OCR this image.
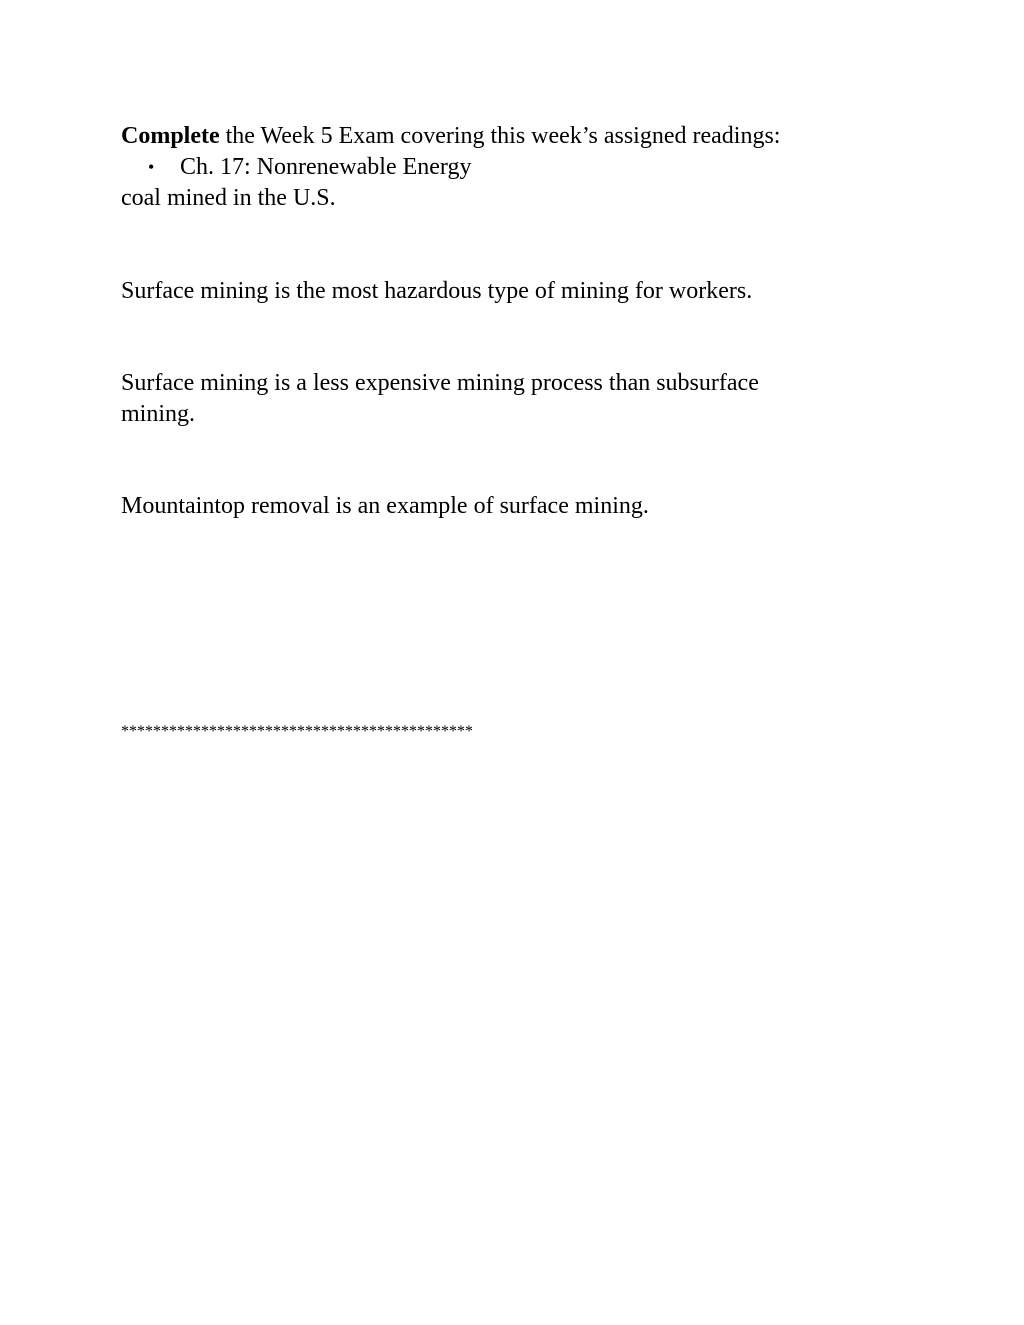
Complete the Week 5 Exam covering this week’s assigned readings:

• Ch. 17: Nonrenewable Energy

coal mined in the U.S.

Surface mining is the most hazardous type of mining for workers.

Surface mining is a less expensive mining process than subsurface

mining.

Mountaintop removal is an example of surface mining.

********************************************
